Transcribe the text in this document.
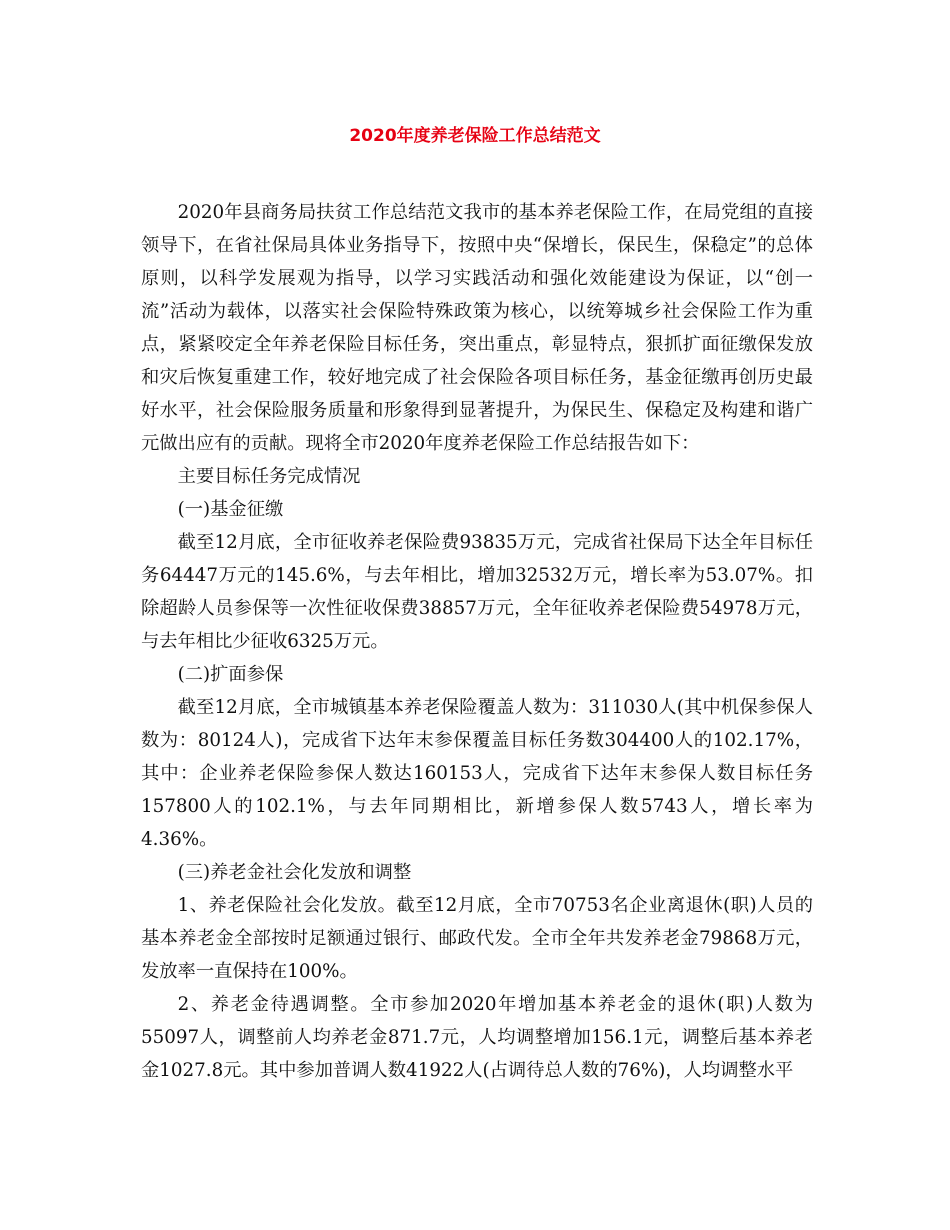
2020年度养老保险工作总结范文

2020年县商务局扶贫工作总结范文我市的基本养老保险工作，在局党组的直接领导下，在省社保局具体业务指导下，按照中央“保增长，保民生，保稳定”的总体原则，以科学发展观为指导，以学习实践活动和强化效能建设为保证，以“创一流”活动为载体，以落实社会保险特殊政策为核心，以统筹城乡社会保险工作为重点，紧紧咬定全年养老保险目标任务，突出重点，彰显特点，狠抓扩面征缴保发放和灾后恢复重建工作，较好地完成了社会保险各项目标任务，基金征缴再创历史最好水平，社会保险服务质量和形象得到显著提升，为保民生、保稳定及构建和谐广元做出应有的贡献。现将全市2020年度养老保险工作总结报告如下：

主要目标任务完成情况

(一)基金征缴

截至12月底，全市征收养老保险费93835万元，完成省社保局下达全年目标任务64447万元的145.6%，与去年相比，增加32532万元，增长率为53.07%。扣除超龄人员参保等一次性征收保费38857万元，全年征收养老保险费54978万元，与去年相比少征收6325万元。

(二)扩面参保

截至12月底，全市城镇基本养老保险覆盖人数为：311030人(其中机保参保人数为：80124人)，完成省下达年末参保覆盖目标任务数304400人的102.17%，其中：企业养老保险参保人数达160153人，完成省下达年末参保人数目标任务157800人的102.1%，与去年同期相比，新增参保人数5743人，增长率为4.36%。

(三)养老金社会化发放和调整

1、养老保险社会化发放。截至12月底，全市70753名企业离退休(职)人员的基本养老金全部按时足额通过银行、邮政代发。全市全年共发养老金79868万元，发放率一直保持在100%。

2、养老金待遇调整。全市参加2020年增加基本养老金的退休(职)人数为55097人，调整前人均养老金871.7元，人均调整增加156.1元，调整后基本养老金1027.8元。其中参加普调人数41922人(占调待总人数的76%)，人均调整水平
